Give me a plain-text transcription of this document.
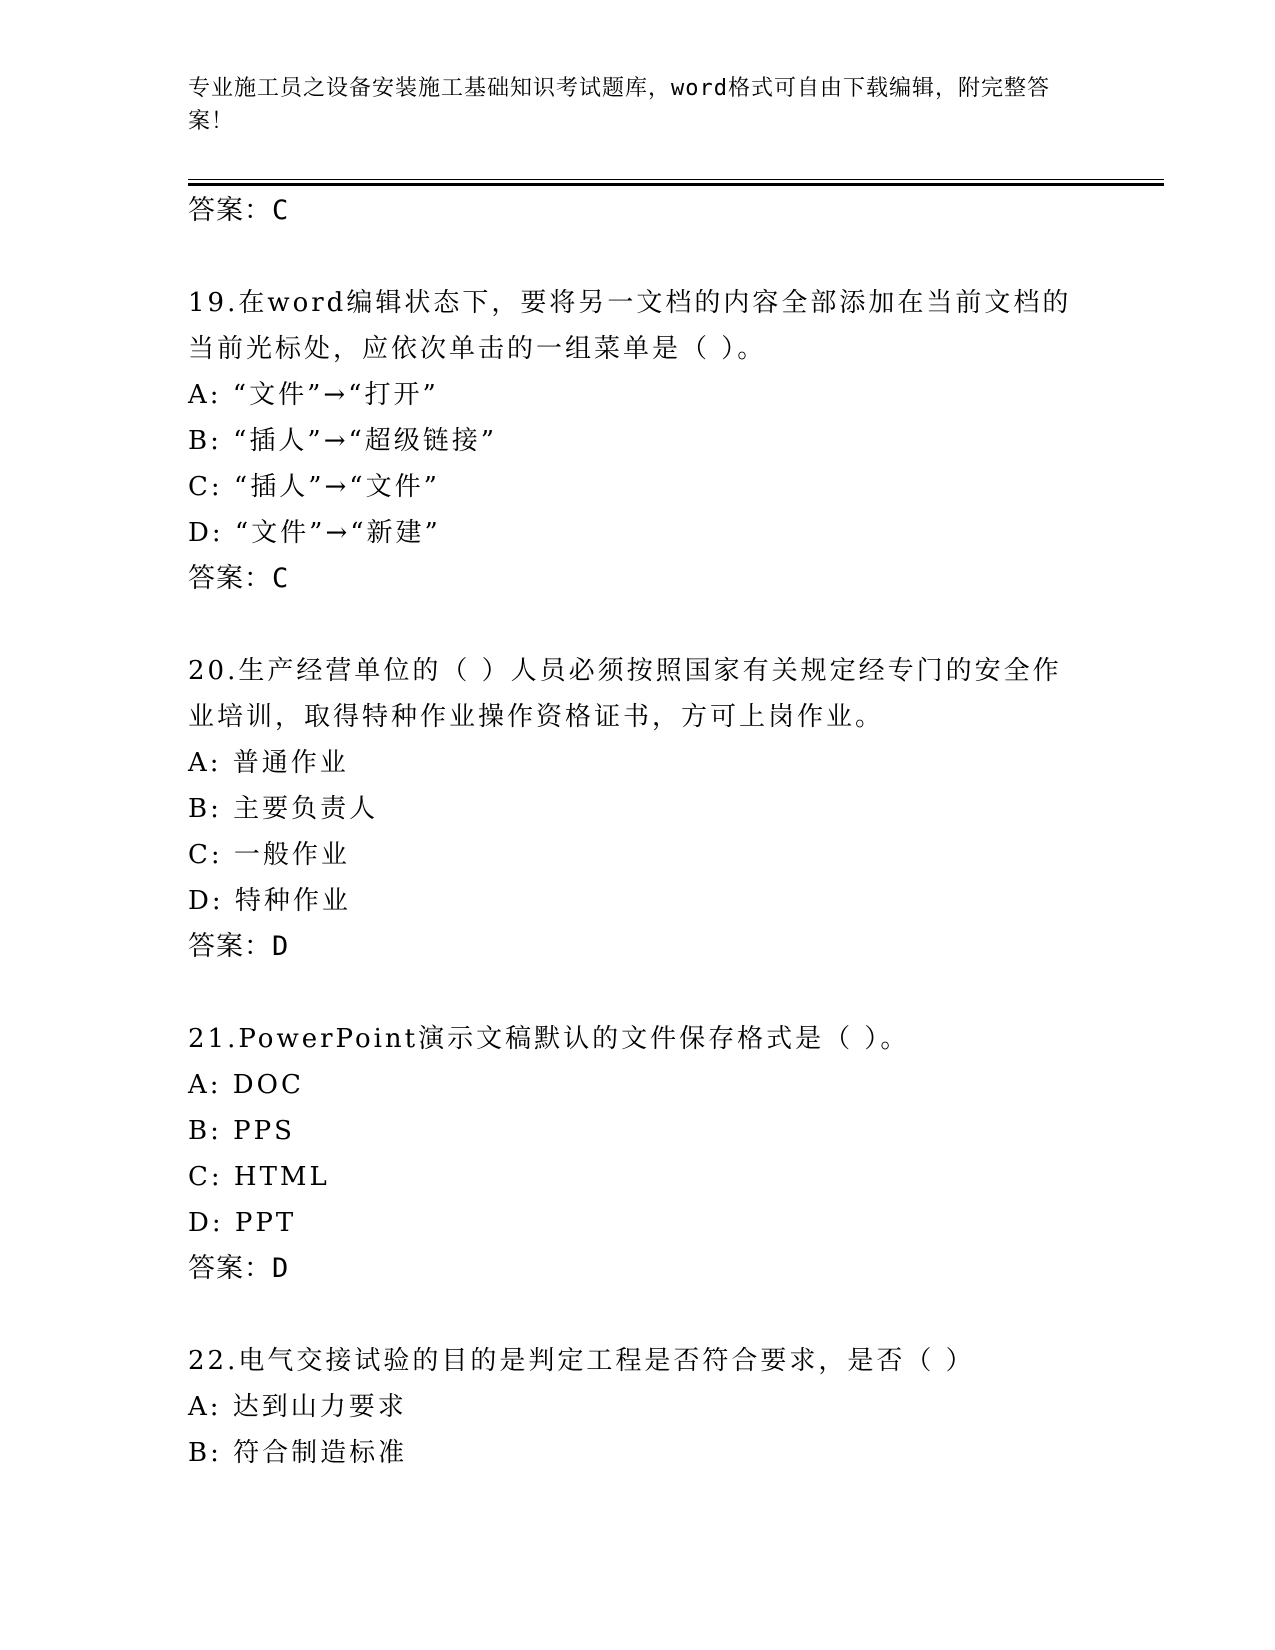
专业施工员之设备安装施工基础知识考试题库，word格式可自由下载编辑，附完整答案！
答案：C
19.在word编辑状态下，要将另一文档的内容全部添加在当前文档的当前光标处，应依次单击的一组菜单是（ ）。
A: “文件”→“打开”
B: “插人”→“超级链接”
C: “插人”→“文件”
D: “文件”→“新建”
答案：C
20.生产经营单位的（ ）人员必须按照国家有关规定经专门的安全作业培训，取得特种作业操作资格证书，方可上岗作业。
A: 普通作业
B: 主要负责人
C: 一般作业
D: 特种作业
答案：D
21.PowerPoint演示文稿默认的文件保存格式是（ ）。
A: DOC
B: PPS
C: HTML
D: PPT
答案：D
22.电气交接试验的目的是判定工程是否符合要求，是否（ ）
A: 达到山力要求
B: 符合制造标准
